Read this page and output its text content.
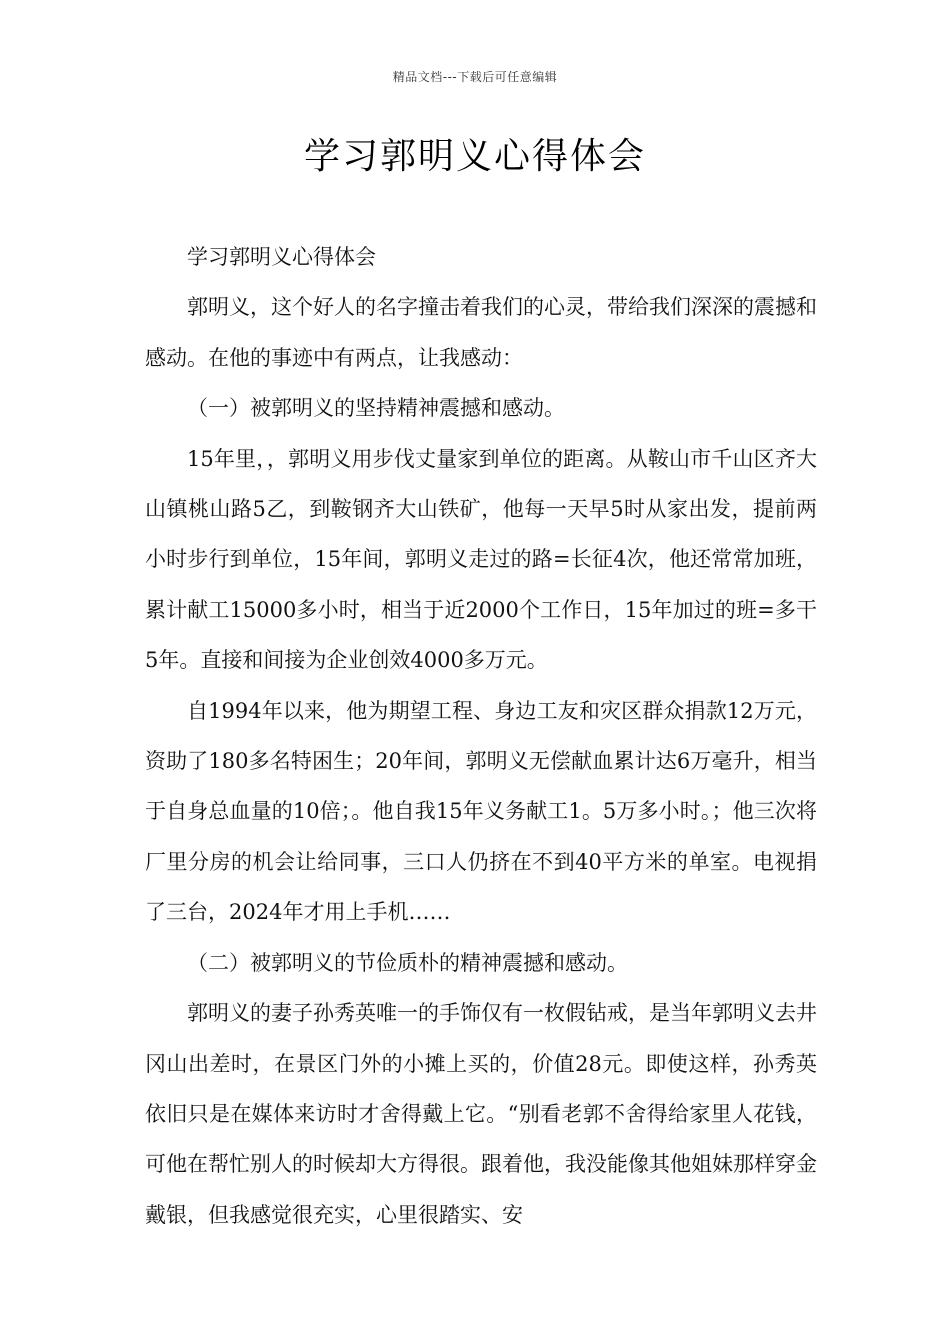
精品文档---下载后可任意编辑
学习郭明义心得体会

学习郭明义心得体会

郭明义，这个好人的名字撞击着我们的心灵，带给我们深深的震撼和感动。在他的事迹中有两点，让我感动：

（一）被郭明义的坚持精神震撼和感动。

15年里，，郭明义用步伐丈量家到单位的距离。从鞍山市千山区齐大山镇桃山路5乙，到鞍钢齐大山铁矿，他每一天早5时从家出发，提前两小时步行到单位，15年间，郭明义走过的路=长征4次，他还常常加班，累计献工15000多小时，相当于近2000个工作日，15年加过的班=多干5年。直接和间接为企业创效4000多万元。

自1994年以来，他为期望工程、身边工友和灾区群众捐款12万元，资助了180多名特困生；20年间，郭明义无偿献血累计达6万毫升，相当于自身总血量的10倍；。他自我15年义务献工1。5万多小时。；他三次将厂里分房的机会让给同事，三口人仍挤在不到40平方米的单室。电视捐了三台，2024年才用上手机……

（二）被郭明义的节俭质朴的精神震撼和感动。

郭明义的妻子孙秀英唯一的手饰仅有一枚假钻戒，是当年郭明义去井冈山出差时，在景区门外的小摊上买的，价值28元。即使这样，孙秀英依旧只是在媒体来访时才舍得戴上它。“别看老郭不舍得给家里人花钱，可他在帮忙别人的时候却大方得很。跟着他，我没能像其他姐妹那样穿金戴银，但我感觉很充实，心里很踏实、安
